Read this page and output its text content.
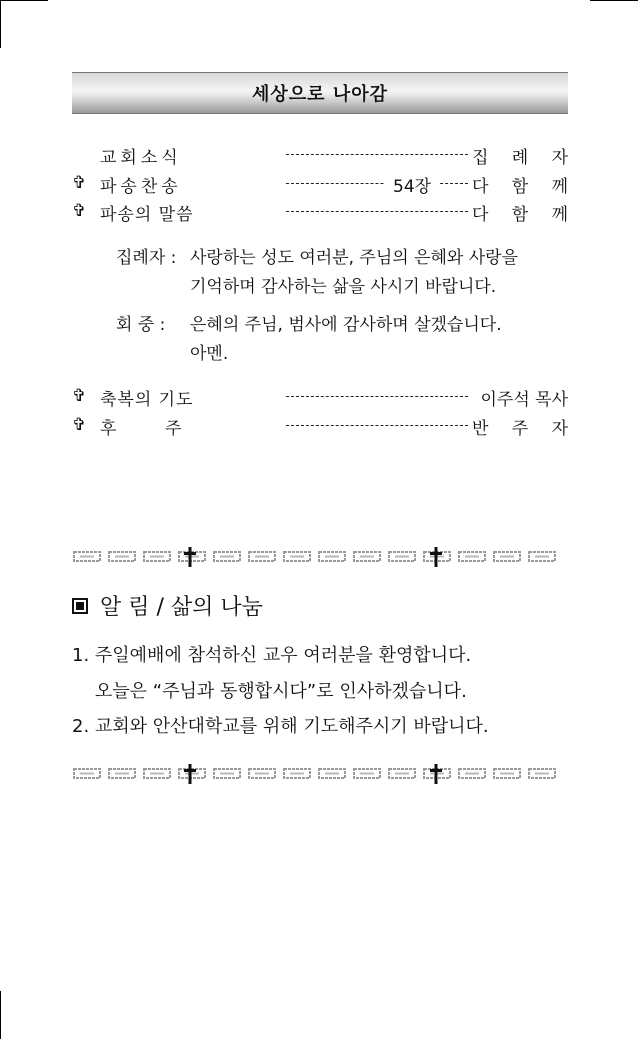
세상으로 나아감
교회소식	집 례 자
✞ 파송찬송	54장	다 함 께
✞ 파송의 말씀	다 함 께
집례자 : 사랑하는 성도 여러분, 주님의 은혜와 사랑을
기억하며 감사하는 삶을 사시기 바랍니다.
회 중 : 은혜의 주님, 범사에 감사하며 살겠습니다.
아멘.
✞ 축복의 기도	이주석 목사
✞ 후         주	반 주 자
알 림 / 삶의 나눔
1. 주일예배에 참석하신 교우 여러분을 환영합니다.
오늘은 “주님과 동행합시다”로 인사하겠습니다.
2. 교회와 안산대학교를 위해 기도해주시기 바랍니다.
